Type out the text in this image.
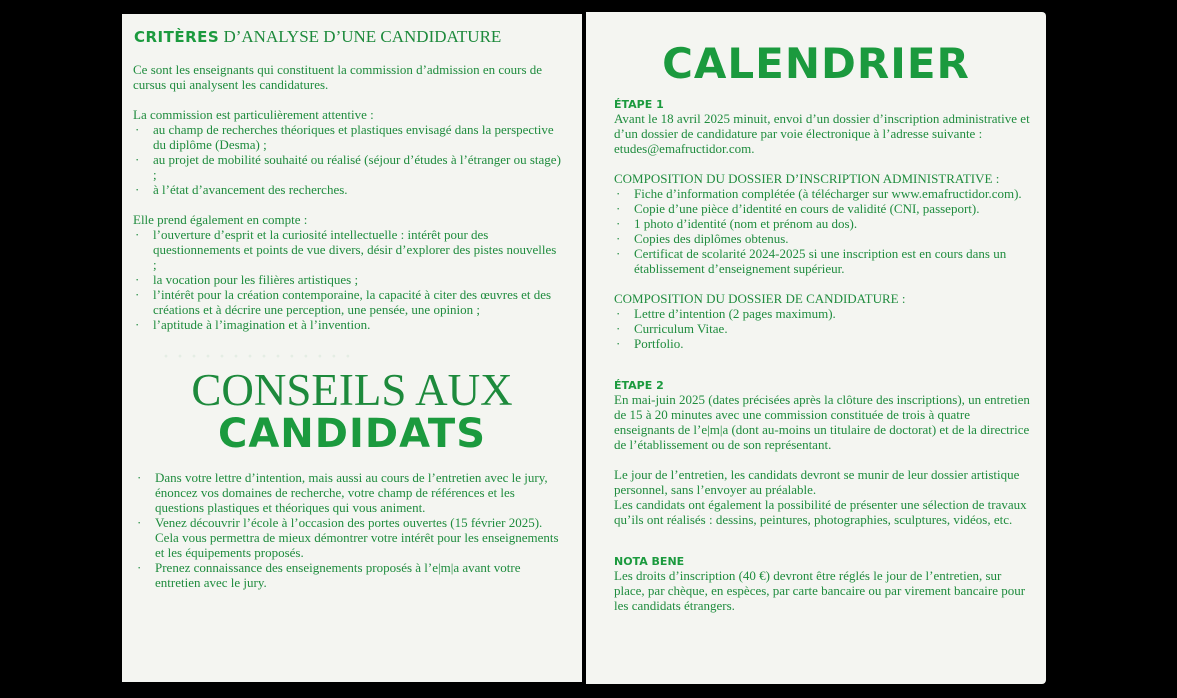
· · · · · · · · · · · · · ·
CRITÈRES D’ANALYSE D’UNE CANDIDATURE

Ce sont les enseignants qui constituent la commission d’admission en cours de cursus qui analysent les candidatures.

La commission est particulièrement attentive :

· au champ de recherches théoriques et plastiques envisagé dans la perspective du diplôme (Desma) ;
· au projet de mobilité souhaité ou réalisé (séjour d’études à l’étranger ou stage) ;
· à l’état d’avancement des recherches.

Elle prend également en compte :

· l’ouverture d’esprit et la curiosité intellectuelle : intérêt pour des questionnements et points de vue divers, désir d’explorer des pistes nouvelles ;
· la vocation pour les filières artistiques ;
· l’intérêt pour la création contemporaine, la capacité à citer des œuvres et des créations et à décrire une perception, une pensée, une opinion ;
· l’aptitude à l’imagination et à l’invention.
CONSEILS AUX
CANDIDATS
· Dans votre lettre d’intention, mais aussi au cours de l’entretien avec le jury, énoncez vos domaines de recherche, votre champ de références et les questions plastiques et théoriques qui vous animent.
· Venez découvrir l’école à l’occasion des portes ouvertes (15 février 2025). Cela vous permettra de mieux démontrer votre intérêt pour les enseignements et les équipements proposés.
· Prenez connaissance des enseignements proposés à l’e|m|a avant votre entretien avec le jury.
CALENDRIER
ÉTAPE 1

Avant le 18 avril 2025 minuit, envoi d’un dossier d’inscription administrative et d’un dossier de candidature par voie électronique à l’adresse suivante : etudes@emafructidor.com.

COMPOSITION DU DOSSIER D’INSCRIPTION ADMINISTRATIVE :

· Fiche d’information complétée (à télécharger sur www.emafructidor.com).
· Copie d’une pièce d’identité en cours de validité (CNI, passeport).
· 1 photo d’identité (nom et prénom au dos).
· Copies des diplômes obtenus.
· Certificat de scolarité 2024-2025 si une inscription est en cours dans un établissement d’enseignement supérieur.

COMPOSITION DU DOSSIER DE CANDIDATURE :

· Lettre d’intention (2 pages maximum).
· Curriculum Vitae.
· Portfolio.
ÉTAPE 2

En mai-juin 2025 (dates précisées après la clôture des inscriptions), un entretien de 15 à 20 minutes avec une commission constituée de trois à quatre enseignants de l’e|m|a (dont au-moins un titulaire de doctorat) et de la directrice de l’établissement ou de son représentant.

Le jour de l’entretien, les candidats devront se munir de leur dossier artistique personnel, sans l’envoyer au préalable.

Les candidats ont également la possibilité de présenter une sélection de travaux qu’ils ont réalisés : dessins, peintures, photographies, sculptures, vidéos, etc.

NOTA BENE

Les droits d’inscription (40 €) devront être réglés le jour de l’entretien, sur place, par chèque, en espèces, par carte bancaire ou par virement bancaire pour les candidats étrangers.
